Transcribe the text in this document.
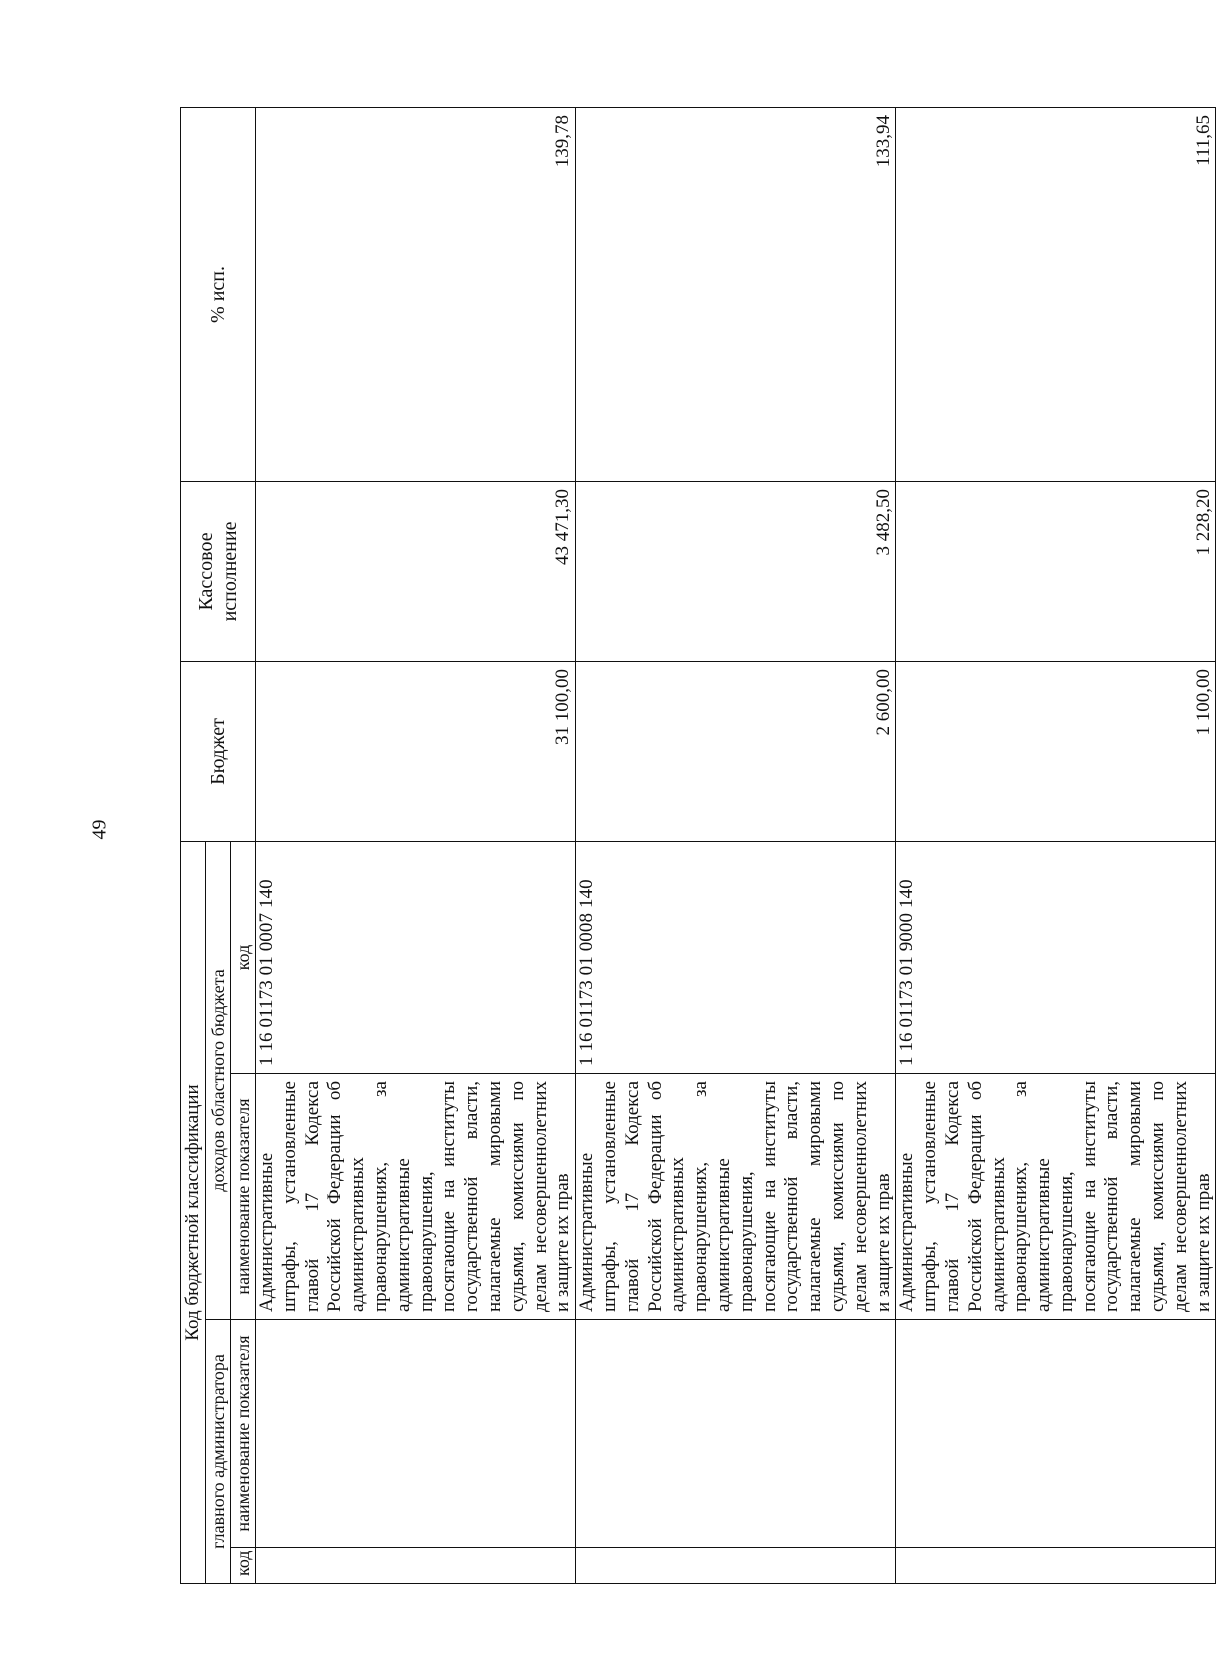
49
Код бюджетной классификации				Бюджет	Кассовое исполнение	% исп.
главного администратора		доходов областного бюджета				
код	наименование показателя	наименование показателя	код			
		Административные штрафы, установленные главой 17 Кодекса Российской Федерации об административных правонарушениях, за административные правонарушения, посягающие на институты государственной власти, налагаемые мировыми судьями, комиссиями по делам несовершеннолетних и защите их прав	1 16 01173 01 0007 140	31 100,00	43 471,30	139,78
		Административные штрафы, установленные главой 17 Кодекса Российской Федерации об административных правонарушениях, за административные правонарушения, посягающие на институты государственной власти, налагаемые мировыми судьями, комиссиями по делам несовершеннолетних и защите их прав	1 16 01173 01 0008 140	2 600,00	3 482,50	133,94
		Административные штрафы, установленные главой 17 Кодекса Российской Федерации об административных правонарушениях, за административные правонарушения, посягающие на институты государственной власти, налагаемые мировыми судьями, комиссиями по делам несовершеннолетних и защите их прав	1 16 01173 01 9000 140	1 100,00	1 228,20	111,65
